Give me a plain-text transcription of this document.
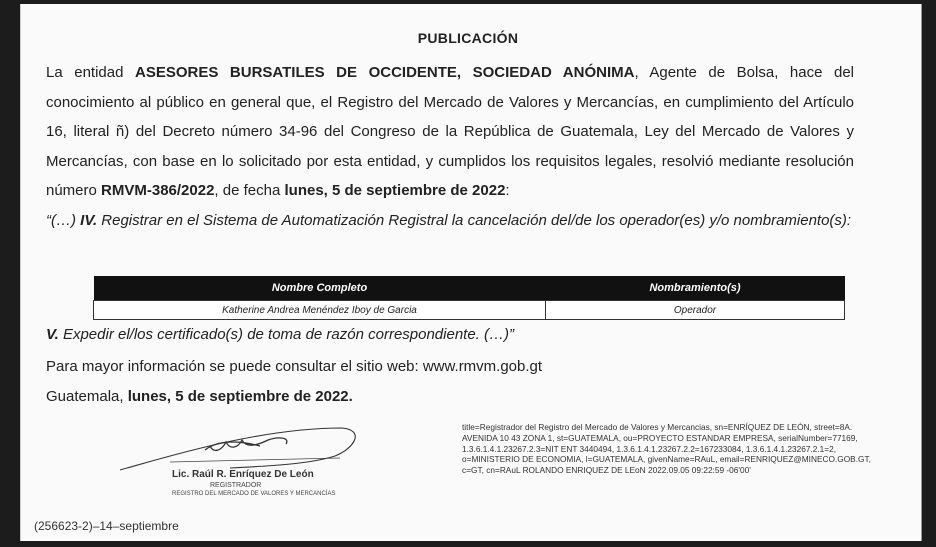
PUBLICACIÓN
La entidad ASESORES BURSATILES DE OCCIDENTE, SOCIEDAD ANÓNIMA, Agente de Bolsa, hace del conocimiento al público en general que, el Registro del Mercado de Valores y Mercancías, en cumplimiento del Artículo 16, literal ñ) del Decreto número 34-96 del Congreso de la República de Guatemala, Ley del Mercado de Valores y Mercancías, con base en lo solicitado por esta entidad, y cumplidos los requisitos legales, resolvió mediante resolución número RMVM-386/2022, de fecha lunes, 5 de septiembre de 2022:
“(…) IV. Registrar en el Sistema de Automatización Registral la cancelación del/de los operador(es) y/o nombramiento(s):
Nombre Completo	Nombramiento(s)
Katherine Andrea Menéndez Iboy de Garcia	Operador
V. Expedir el/los certificado(s) de toma de razón correspondiente. (…)”
Para mayor información se puede consultar el sitio web: www.rmvm.gob.gt
Guatemala, lunes, 5 de septiembre de 2022.
Lic. Raúl R. Enríquez De León
REGISTRADOR
REGISTRO DEL MERCADO DE VALORES Y MERCANCÍAS
title=Registrador del Registro del Mercado de Valores y Mercancias, sn=ENRÍQUEZ DE LEÓN, street=8A. AVENIDA 10 43 ZONA 1, st=GUATEMALA, ou=PROYECTO ESTANDAR EMPRESA, serialNumber=77169, 1.3.6.1.4.1.23267.2.3=NIT ENT 3440494, 1.3.6.1.4.1.23267.2.2=167233084, 1.3.6.1.4.1.23267.2.1=2, o=MINISTERIO DE ECONOMIA, l=GUATEMALA, givenName=RAuL, email=RENRIQUEZ@MINECO.GOB.GT, c=GT, cn=RAuL ROLANDO ENRIQUEZ DE LEoN 2022.09.05 09:22:59 -06'00'
(256623-2)–14–septiembre
